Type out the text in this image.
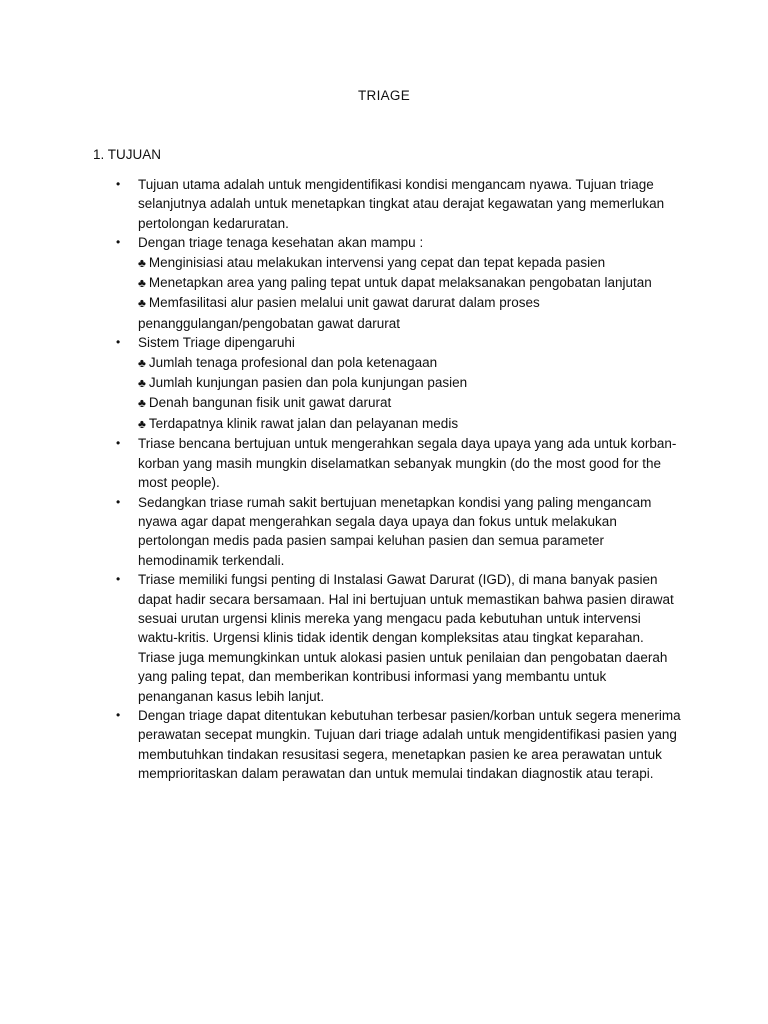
TRIAGE
1. TUJUAN
• Tujuan utama adalah untuk mengidentifikasi kondisi mengancam nyawa. Tujuan triage selanjutnya adalah untuk menetapkan tingkat atau derajat kegawatan yang memerlukan pertolongan kedaruratan.
• Dengan triage tenaga kesehatan akan mampu :
♣ Menginisiasi atau melakukan intervensi yang cepat dan tepat kepada pasien
♣ Menetapkan area yang paling tepat untuk dapat melaksanakan pengobatan lanjutan
♣ Memfasilitasi alur pasien melalui unit gawat darurat dalam proses penanggulangan/pengobatan gawat darurat
• Sistem Triage dipengaruhi
♣ Jumlah tenaga profesional dan pola ketenagaan
♣ Jumlah kunjungan pasien dan pola kunjungan pasien
♣ Denah bangunan fisik unit gawat darurat
♣ Terdapatnya klinik rawat jalan dan pelayanan medis
• Triase bencana bertujuan untuk mengerahkan segala daya upaya yang ada untuk korban-korban yang masih mungkin diselamatkan sebanyak mungkin (do the most good for the most people).
• Sedangkan triase rumah sakit bertujuan menetapkan kondisi yang paling mengancam nyawa agar dapat mengerahkan segala daya upaya dan fokus untuk melakukan pertolongan medis pada pasien sampai keluhan pasien dan semua parameter hemodinamik terkendali.
• Triase memiliki fungsi penting di Instalasi Gawat Darurat (IGD), di mana banyak pasien dapat hadir secara bersamaan. Hal ini bertujuan untuk memastikan bahwa pasien dirawat sesuai urutan urgensi klinis mereka yang mengacu pada kebutuhan untuk intervensi waktu-kritis. Urgensi klinis tidak identik dengan kompleksitas atau tingkat keparahan. Triase juga memungkinkan untuk alokasi pasien untuk penilaian dan pengobatan daerah yang paling tepat, dan memberikan kontribusi informasi yang membantu untuk penanganan kasus lebih lanjut.
• Dengan triage dapat ditentukan kebutuhan terbesar pasien/korban untuk segera menerima perawatan secepat mungkin. Tujuan dari triage adalah untuk mengidentifikasi pasien yang membutuhkan tindakan resusitasi segera, menetapkan pasien ke area perawatan untuk memprioritaskan dalam perawatan dan untuk memulai tindakan diagnostik atau terapi.
